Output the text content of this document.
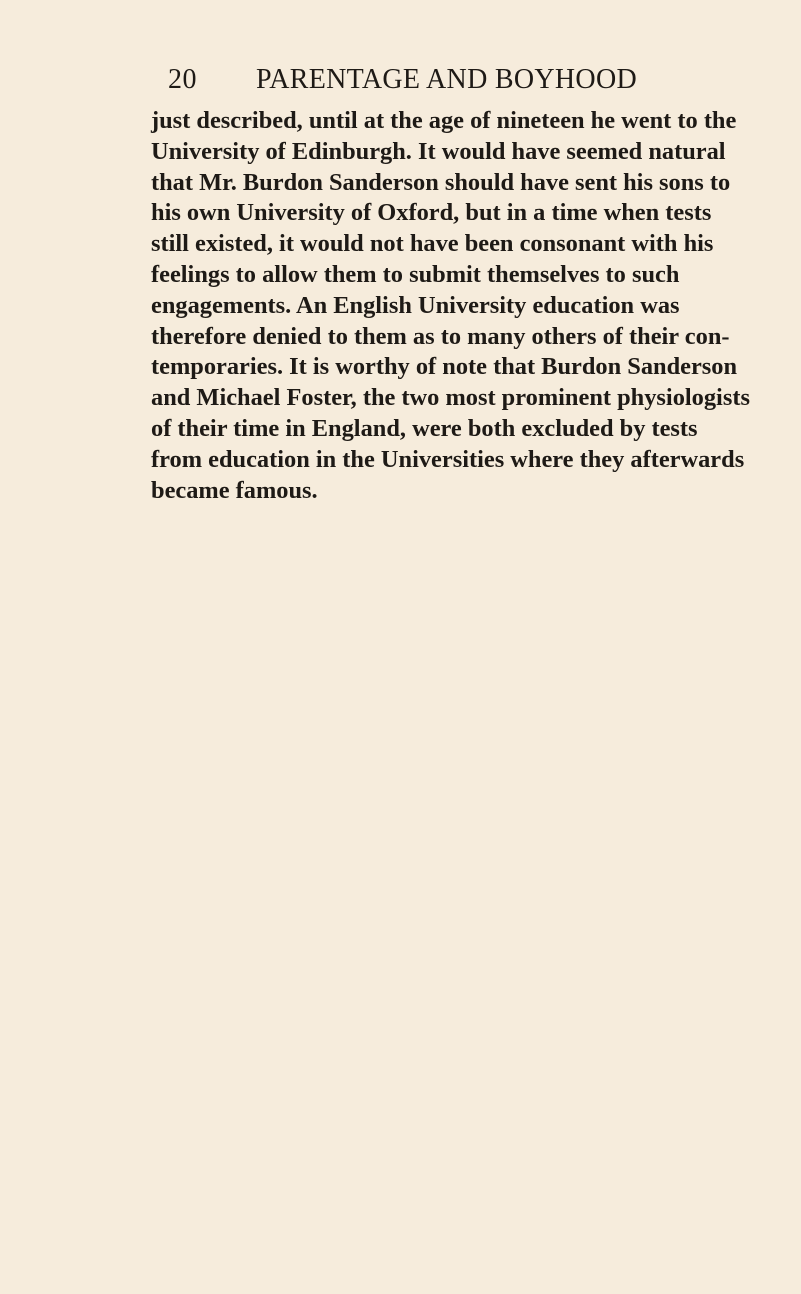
20 PARENTAGE AND BOYHOOD
just described, until at the age of nineteen he went to the
University of Edinburgh. It would have seemed natural
that Mr. Burdon Sanderson should have sent his sons to
his own University of Oxford, but in a time when tests
still existed, it would not have been consonant with his
feelings to allow them to submit themselves to such
engagements. An English University education was
therefore denied to them as to many others of their con-
temporaries. It is worthy of note that Burdon Sanderson
and Michael Foster, the two most prominent physiologists
of their time in England, were both excluded by tests
from education in the Universities where they afterwards
became famous.
